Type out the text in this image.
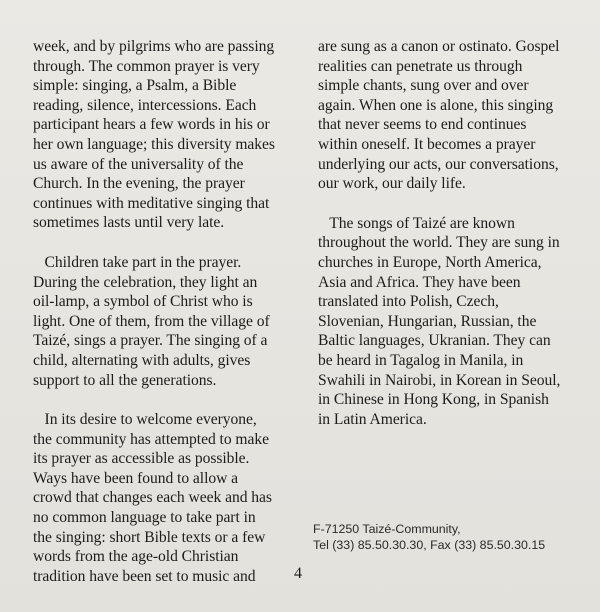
week, and by pilgrims who are passing
through. The common prayer is very
simple: singing, a Psalm, a Bible
reading, silence, intercessions. Each
participant hears a few words in his or
her own language; this diversity makes
us aware of the universality of the
Church. In the evening, the prayer
continues with meditative singing that
sometimes lasts until very late.

Children take part in the prayer.
During the celebration, they light an
oil-lamp, a symbol of Christ who is
light. One of them, from the village of
Taizé, sings a prayer. The singing of a
child, alternating with adults, gives
support to all the generations.

In its desire to welcome everyone,
the community has attempted to make
its prayer as accessible as possible.
Ways have been found to allow a
crowd that changes each week and has
no common language to take part in
the singing: short Bible texts or a few
words from the age-old Christian
tradition have been set to music and

are sung as a canon or ostinato. Gospel
realities can penetrate us through
simple chants, sung over and over
again. When one is alone, this singing
that never seems to end continues
within oneself. It becomes a prayer
underlying our acts, our conversations,
our work, our daily life.

The songs of Taizé are known
throughout the world. They are sung in
churches in Europe, North America,
Asia and Africa. They have been
translated into Polish, Czech,
Slovenian, Hungarian, Russian, the
Baltic languages, Ukranian. They can
be heard in Tagalog in Manila, in
Swahili in Nairobi, in Korean in Seoul,
in Chinese in Hong Kong, in Spanish
in Latin America.

F-71250 Taizé-Community,
Tel (33) 85.50.30.30, Fax (33) 85.50.30.15
4
